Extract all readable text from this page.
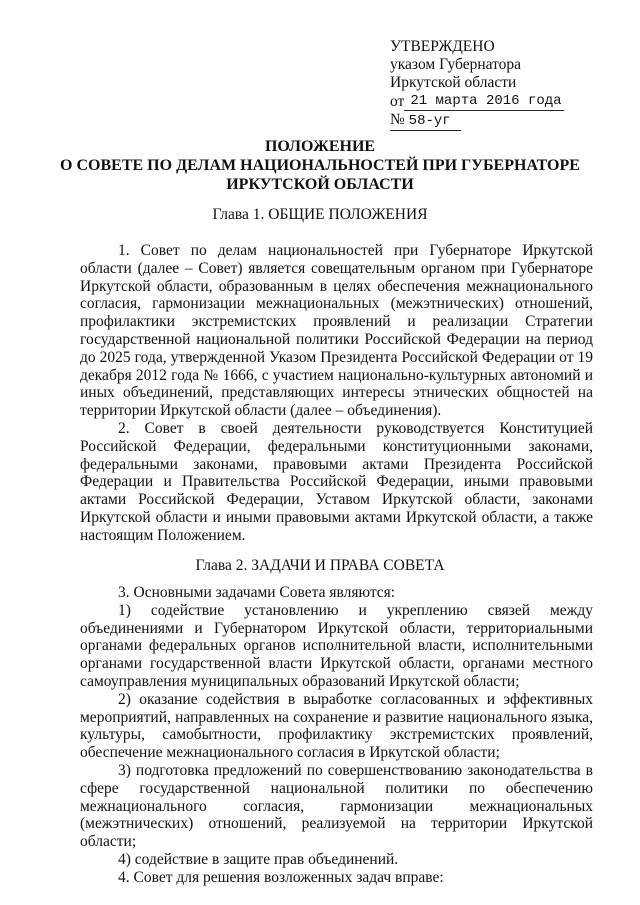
УТВЕРЖДЕНО
указом Губернатора
Иркутской области
от 21 марта 2016 года
№ 58-уг
ПОЛОЖЕНИЕ
О СОВЕТЕ ПО ДЕЛАМ НАЦИОНАЛЬНОСТЕЙ ПРИ ГУБЕРНАТОРЕ
ИРКУТСКОЙ ОБЛАСТИ
Глава 1. ОБЩИЕ ПОЛОЖЕНИЯ

1. Совет по делам национальностей при Губернаторе Иркутской области (далее – Совет) является совещательным органом при Губернаторе Иркутской области, образованным в целях обеспечения межнационального согласия, гармонизации межнациональных (межэтнических) отношений, профилактики экстремистских проявлений и реализации Стратегии государственной национальной политики Российской Федерации на период до 2025 года, утвержденной Указом Президента Российской Федерации от 19 декабря 2012 года № 1666, с участием национально-культурных автономий и иных объединений, представляющих интересы этнических общностей на территории Иркутской области (далее – объединения).

2. Совет в своей деятельности руководствуется Конституцией Российской Федерации, федеральными конституционными законами, федеральными законами, правовыми актами Президента Российской Федерации и Правительства Российской Федерации, иными правовыми актами Российской Федерации, Уставом Иркутской области, законами Иркутской области и иными правовыми актами Иркутской области, а также настоящим Положением.

Глава 2. ЗАДАЧИ И ПРАВА СОВЕТА

3. Основными задачами Совета являются:

1) содействие установлению и укреплению связей между объединениями и Губернатором Иркутской области, территориальными органами федеральных органов исполнительной власти, исполнительными органами государственной власти Иркутской области, органами местного самоуправления муниципальных образований Иркутской области;

2) оказание содействия в выработке согласованных и эффективных мероприятий, направленных на сохранение и развитие национального языка, культуры, самобытности, профилактику экстремистских проявлений, обеспечение межнационального согласия в Иркутской области;

3) подготовка предложений по совершенствованию законодательства в сфере государственной национальной политики по обеспечению межнационального согласия, гармонизации межнациональных (межэтнических) отношений, реализуемой на территории Иркутской области;

4) содействие в защите прав объединений.

4. Совет для решения возложенных задач вправе:
